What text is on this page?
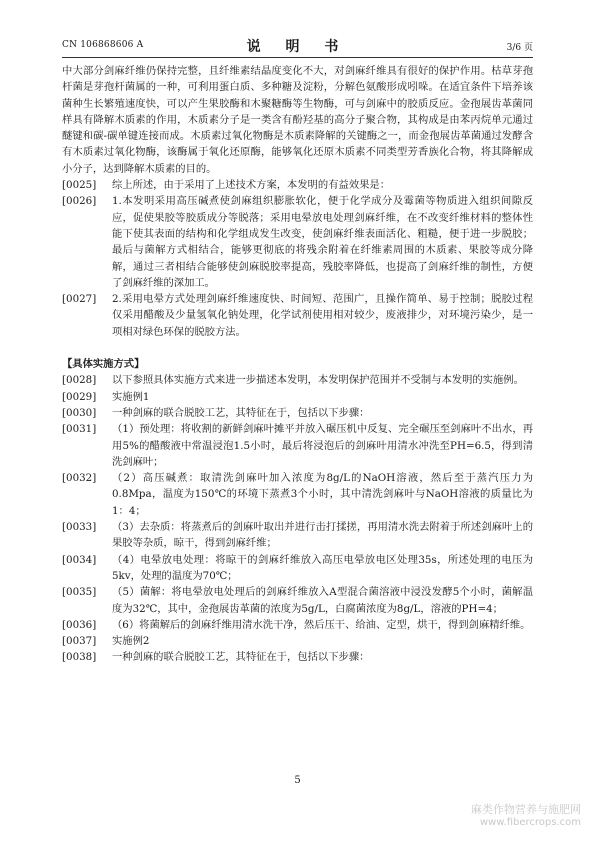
CN 106868606 A	说 明 书	3/6 页

中大部分剑麻纤维仍保持完整，且纤维素结晶度变化不大，对剑麻纤维具有很好的保护作用。枯草芽孢杆菌是芽孢杆菌属的一种，可利用蛋白质、多种糖及淀粉，分解色氨酸形成吲哚。在适宜条件下培养该菌种生长繁殖速度快，可以产生果胶酶和木聚糖酶等生物酶，可与剑麻中的胶质反应。金孢展齿革菌同样具有降解木质素的作用，木质素分子是一类含有酚羟基的高分子聚合物，其构成是由苯丙烷单元通过醚键和碳-碳单键连接而成。木质素过氧化物酶是木质素降解的关键酶之一，而金孢展齿革菌通过发酵含有木质素过氧化物酶，该酶属于氧化还原酶，能够氧化还原木质素不同类型芳香族化合物，将其降解成小分子，达到降解木质素的目的。

[0025]	综上所述，由于采用了上述技术方案，本发明的有益效果是：
[0026]	1.本发明采用高压碱煮使剑麻组织膨胀软化，便于化学成分及霉菌等物质进入组织间隙反应，促使果胶等胶质成分等脱落；采用电晕放电处理剑麻纤维，在不改变纤维材料的整体性能下使其表面的结构和化学组成发生改变，使剑麻纤维表面活化、粗糙，便于进一步脱胶；最后与菌解方式相结合，能够更彻底的将残余附着在纤维素周围的木质素、果胶等成分降解，通过三者相结合能够使剑麻脱胶率提高，残胶率降低，也提高了剑麻纤维的制性，方便了剑麻纤维的深加工。
[0027]	2.采用电晕方式处理剑麻纤维速度快、时间短、范围广，且操作简单、易于控制；脱胶过程仅采用醋酸及少量氢氧化钠处理，化学试剂使用相对较少，废液排少，对环境污染少，是一项相对绿色环保的脱胶方法。
【具体实施方式】
[0028]	以下参照具体实施方式来进一步描述本发明，本发明保护范围并不受制与本发明的实施例。
[0029]	实施例1
[0030]	一种剑麻的联合脱胶工艺，其特征在于，包括以下步骤：
[0031]	（1）预处理：将收割的新鲜剑麻叶摊平并放入碾压机中反复、完全碾压至剑麻叶不出水，再用5%的醋酸液中常温浸泡1.5小时，最后将浸泡后的剑麻叶用清水冲洗至PH=6.5，得到清洗剑麻叶；
[0032]	（2）高压碱煮：取清洗剑麻叶加入浓度为8g/L的NaOH溶液，然后至于蒸汽压力为0.8Mpa，温度为150℃的环境下蒸煮3个小时，其中清洗剑麻叶与NaOH溶液的质量比为1：4；
[0033]	（3）去杂质：将蒸煮后的剑麻叶取出并进行击打揉搓，再用清水洗去附着于所述剑麻叶上的果胶等杂质，晾干，得到剑麻纤维；
[0034]	（4）电晕放电处理：将晾干的剑麻纤维放入高压电晕放电区处理35s，所述处理的电压为5kv，处理的温度为70℃；
[0035]	（5）菌解：将电晕放电处理后的剑麻纤维放入A型混合菌溶液中浸没发酵5个小时，菌解温度为32℃，其中，金孢展齿革菌的浓度为5g/L，白腐菌浓度为8g/L，溶液的PH=4；
[0036]	（6）将菌解后的剑麻纤维用清水洗干净，然后压干、给油、定型，烘干，得到剑麻精纤维。
[0037]	实施例2
[0038]	一种剑麻的联合脱胶工艺，其特征在于，包括以下步骤：
5
麻类作物营养与施肥网
www.fibercrops.com
